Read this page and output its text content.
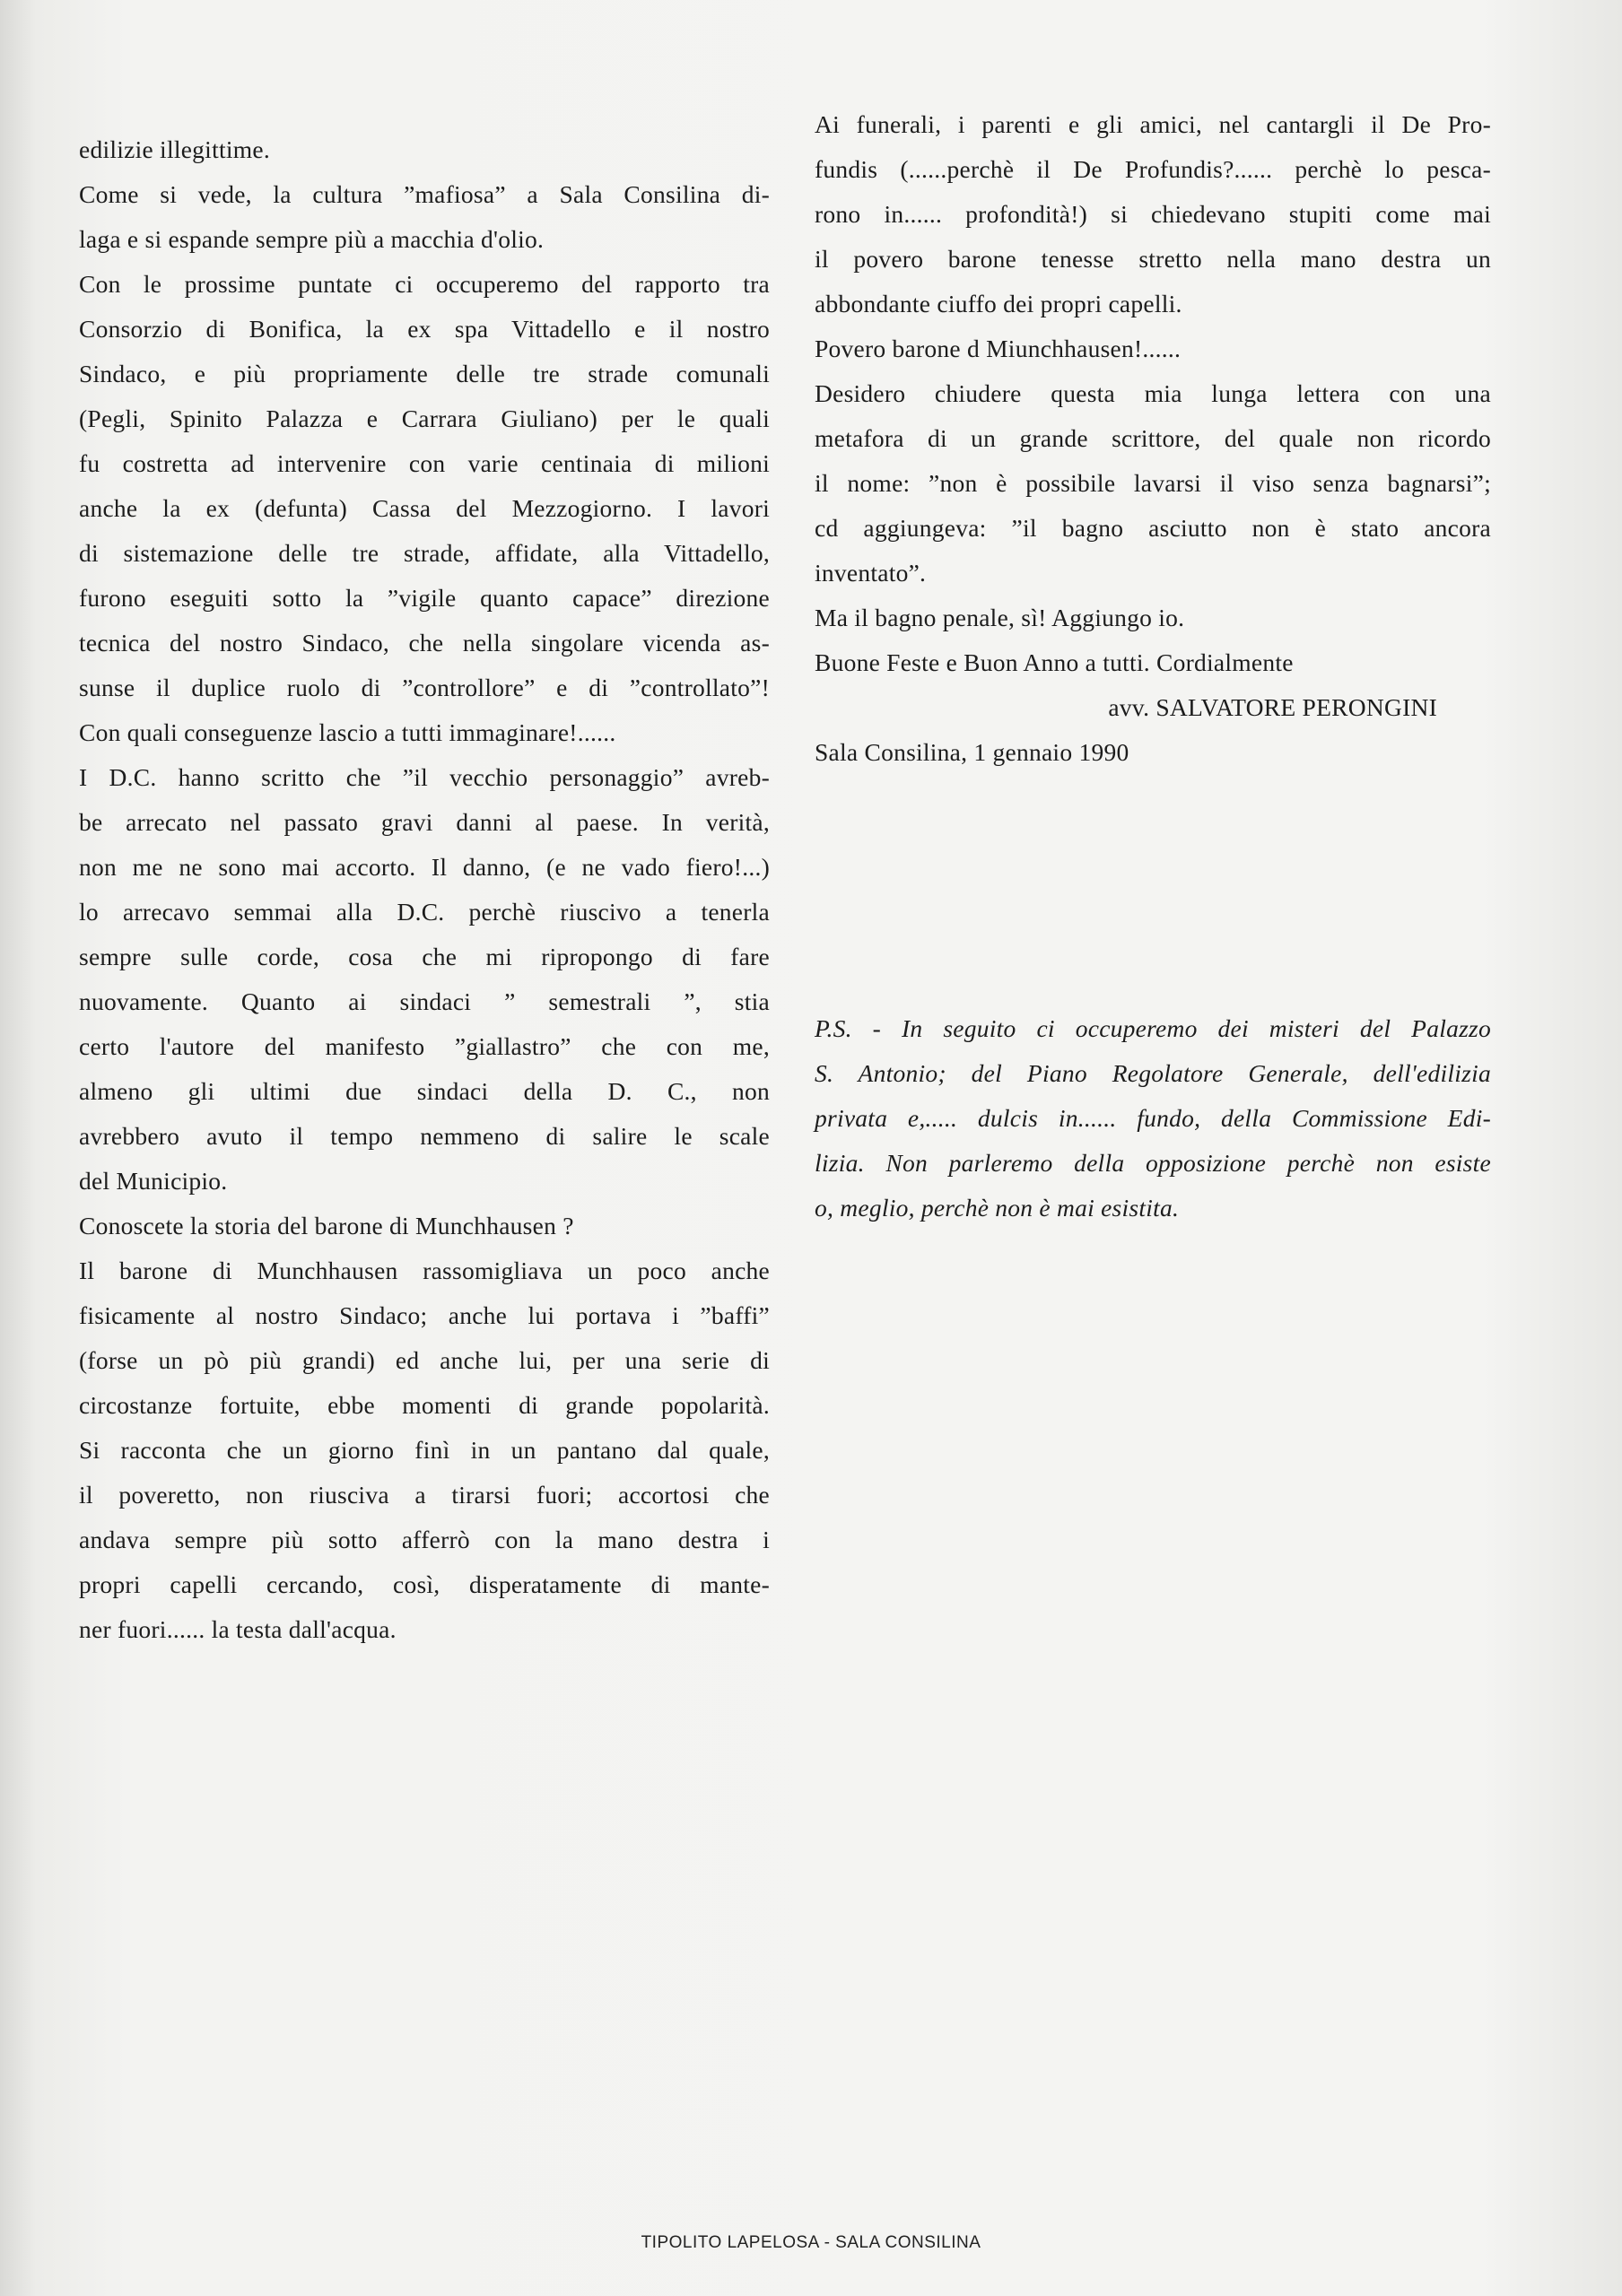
edilizie illegittime.

Come si vede, la cultura ”mafiosa” a Sala Consilina di-

laga e si espande sempre più a macchia d'olio.

Con le prossime puntate ci occuperemo del rapporto tra

Consorzio di Bonifica, la ex spa Vittadello e il nostro

Sindaco, e più propriamente delle tre strade comunali

(Pegli, Spinito Palazza e Carrara Giuliano) per le quali

fu costretta ad intervenire con varie centinaia di milioni

anche la ex (defunta) Cassa del Mezzogiorno. I lavori

di sistemazione delle tre strade, affidate, alla Vittadello,

furono eseguiti sotto la ”vigile quanto capace” direzione

tecnica del nostro Sindaco, che nella singolare vicenda as-

sunse il duplice ruolo di ”controllore” e di ”controllato”!

Con quali conseguenze lascio a tutti immaginare!......

I D.C. hanno scritto che ”il vecchio personaggio” avreb-

be arrecato nel passato gravi danni al paese. In verità,

non me ne sono mai accorto. Il danno, (e ne vado fiero!...)

lo arrecavo semmai alla D.C. perchè riuscivo a tenerla

sempre sulle corde, cosa che mi ripropongo di fare

nuovamente. Quanto ai sindaci ” semestrali ”, stia

certo l'autore del manifesto ”giallastro” che con me,

almeno gli ultimi due sindaci della D. C., non

avrebbero avuto il tempo nemmeno di salire le scale

del Municipio.

Conoscete la storia del barone di Munchhausen ?

Il barone di Munchhausen rassomigliava un poco anche

fisicamente al nostro Sindaco; anche lui portava i ”baffi”

(forse un pò più grandi) ed anche lui, per una serie di

circostanze fortuite, ebbe momenti di grande popolarità.

Si racconta che un giorno finì in un pantano dal quale,

il poveretto, non riusciva a tirarsi fuori; accortosi che

andava sempre più sotto afferrò con la mano destra i

propri capelli cercando, così, disperatamente di mante-

ner fuori...... la testa dall'acqua.

Ai funerali, i parenti e gli amici, nel cantargli il De Pro-

fundis (......perchè il De Profundis?...... perchè lo pesca-

rono in...... profondità!) si chiedevano stupiti come mai

il povero barone tenesse stretto nella mano destra un

abbondante ciuffo dei propri capelli.

Povero barone d Miunchhausen!......

Desidero chiudere questa mia lunga lettera con una

metafora di un grande scrittore, del quale non ricordo

il nome: ”non è possibile lavarsi il viso senza bagnarsi”;

cd aggiungeva: ”il bagno asciutto non è stato ancora

inventato”.

Ma il bagno penale, sì! Aggiungo io.

Buone Feste e Buon Anno a tutti. Cordialmente

avv. SALVATORE PERONGINI

Sala Consilina, 1 gennaio 1990

P.S. - In seguito ci occuperemo dei misteri del Palazzo

S. Antonio; del Piano Regolatore Generale, dell'edilizia

privata e,..... dulcis in...... fundo, della Commissione Edi-

lizia. Non parleremo della opposizione perchè non esiste

o, meglio, perchè non è mai esistita.

TIPOLITO LAPELOSA - SALA CONSILINA
